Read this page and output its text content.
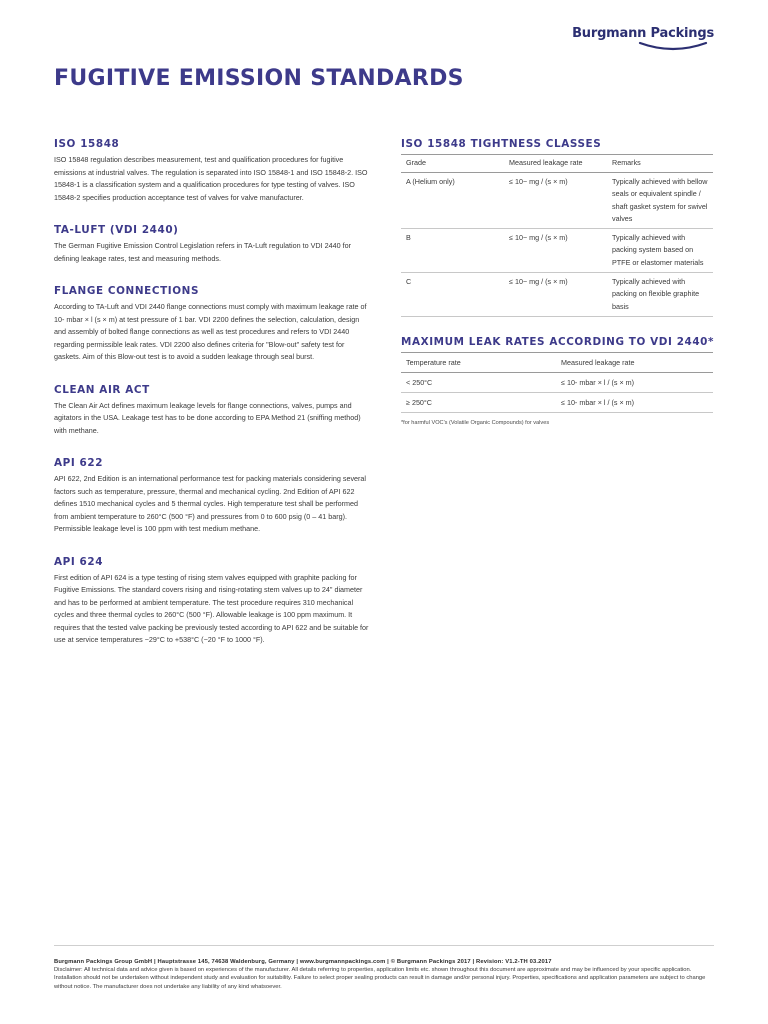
Burgmann Packings
FUGITIVE EMISSION STANDARDS
ISO 15848

ISO 15848 regulation describes measurement, test and qualification procedures for fugitive emissions at industrial valves. The regulation is separated into ISO 15848-1 and ISO 15848-2. ISO 15848-1 is a classification system and a qualification procedures for type testing of valves. ISO 15848-2 specifies production acceptance test of valves for valve manufacturer.

TA-LUFT (VDI 2440)

The German Fugitive Emission Control Legislation refers in TA-Luft regulation to VDI 2440 for defining leakage rates, test and measuring methods.

FLANGE CONNECTIONS

According to TA-Luft and VDI 2440 flange connections must comply with maximum leakage rate of 10- mbar × l (s × m) at test pressure of 1 bar. VDI 2200 defines the selection, calculation, design and assembly of bolted flange connections as well as test procedures and refers to VDI 2440 regarding permissible leak rates. VDI 2200 also defines criteria for "Blow-out" safety test for gaskets. Aim of this Blow-out test is to avoid a sudden leakage through seal burst.

CLEAN AIR ACT

The Clean Air Act defines maximum leakage levels for flange connections, valves, pumps and agitators in the USA. Leakage test has to be done according to EPA Method 21 (sniffing method) with methane.

API 622

API 622, 2nd Edition is an international performance test for packing materials considering several factors such as temperature, pressure, thermal and mechanical cycling. 2nd Edition of API 622 defines 1510 mechanical cycles and 5 thermal cycles. High temperature test shall be performed from ambient temperature to 260°C (500 °F) and pressures from 0 to 600 psig (0 – 41 barg). Permissible leakage level is 100 ppm with test medium methane.

API 624

First edition of API 624 is a type testing of rising stem valves equipped with graphite packing for Fugitive Emissions. The standard covers rising and rising-rotating stem valves up to 24" diameter and has to be performed at ambient temperature. The test procedure requires 310 mechanical cycles and three thermal cycles to 260°C (500 °F). Allowable leakage is 100 ppm maximum. It requires that the tested valve packing be previously tested according to API 622 and be suitable for use at service temperatures −29°C to +538°C (−20 °F to 1000 °F).

ISO 15848 TIGHTNESS CLASSES
Grade	Measured leakage rate	Remarks
A (Helium only)	≤ 10− mg / (s × m)	Typically achieved with bellow seals or equivalent spindle / shaft gasket system for swivel valves
B	≤ 10− mg / (s × m)	Typically achieved with packing system based on PTFE or elastomer materials
C	≤ 10− mg / (s × m)	Typically achieved with packing on flexible graphite basis
MAXIMUM LEAK RATES ACCORDING TO VDI 2440*
Temperature rate	Measured leakage rate
< 250°C	≤ 10- mbar × l / (s × m)
≥ 250°C	≤ 10- mbar × l / (s × m)
*for harmful VOC's (Volatile Organic Compounds) for valves
Burgmann Packings Group GmbH | Hauptstrasse 145, 74638 Waldenburg, Germany | www.burgmannpackings.com | © Burgmann Packings 2017 | Revision: V1.2-TH 03.2017
Disclaimer: All technical data and advice given is based on experiences of the manufacturer. All details referring to properties, application limits etc. shown throughout this document are approximate and may be influenced by your specific application. Installation should not be undertaken without independent study and evaluation for suitability. Failure to select proper sealing products can result in damage and/or personal injury. Properties, specifications and application parameters are subject to change without notice. The manufacturer does not undertake any liability of any kind whatsoever.
